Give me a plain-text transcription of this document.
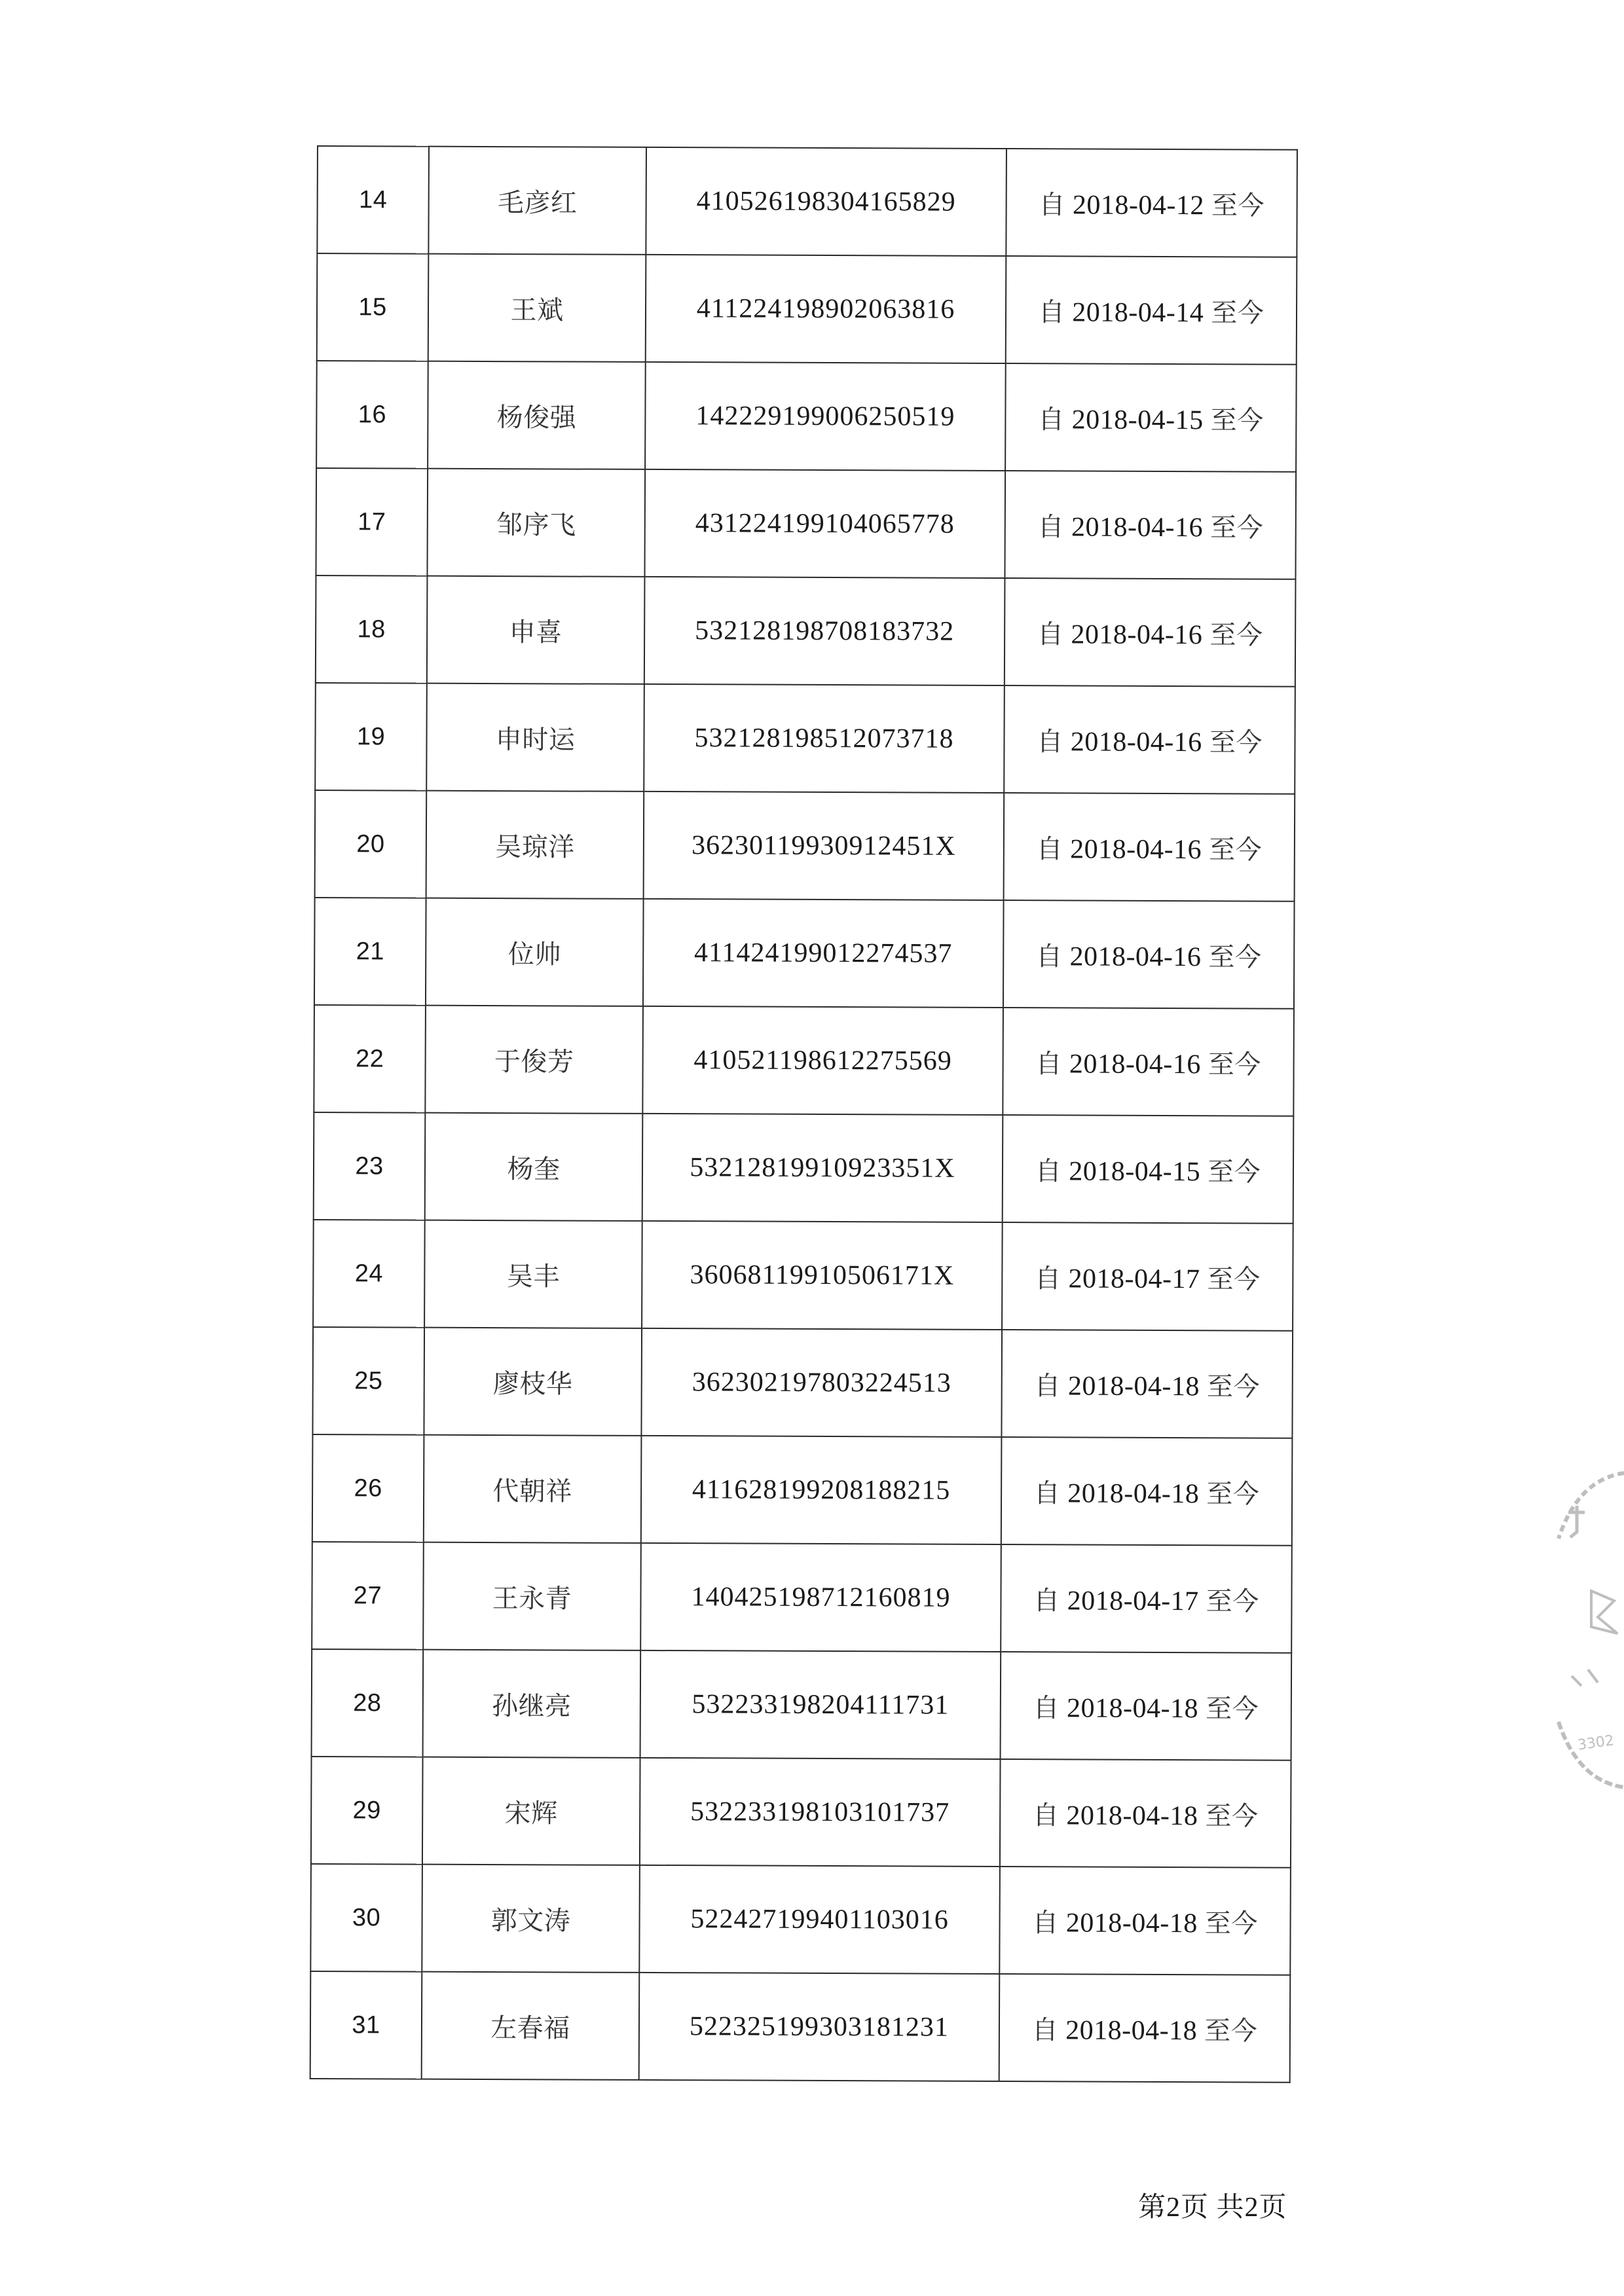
14	毛彦红	410526198304165829	自 2018-04-12 至今
15	王斌	411224198902063816	自 2018-04-14 至今
16	杨俊强	142229199006250519	自 2018-04-15 至今
17	邹序飞	431224199104065778	自 2018-04-16 至今
18	申喜	532128198708183732	自 2018-04-16 至今
19	申时运	532128198512073718	自 2018-04-16 至今
20	吴琼洋	36230119930912451X	自 2018-04-16 至今
21	位帅	411424199012274537	自 2018-04-16 至今
22	于俊芳	410521198612275569	自 2018-04-16 至今
23	杨奎	53212819910923351X	自 2018-04-15 至今
24	吴丰	36068119910506171X	自 2018-04-17 至今
25	廖枝华	362302197803224513	自 2018-04-18 至今
26	代朝祥	411628199208188215	自 2018-04-18 至今
27	王永青	140425198712160819	自 2018-04-17 至今
28	孙继亮	532233198204111731	自 2018-04-18 至今
29	宋辉	532233198103101737	自 2018-04-18 至今
30	郭文涛	522427199401103016	自 2018-04-18 至今
31	左春福	522325199303181231	自 2018-04-18 至今
第2页 共2页
3302
